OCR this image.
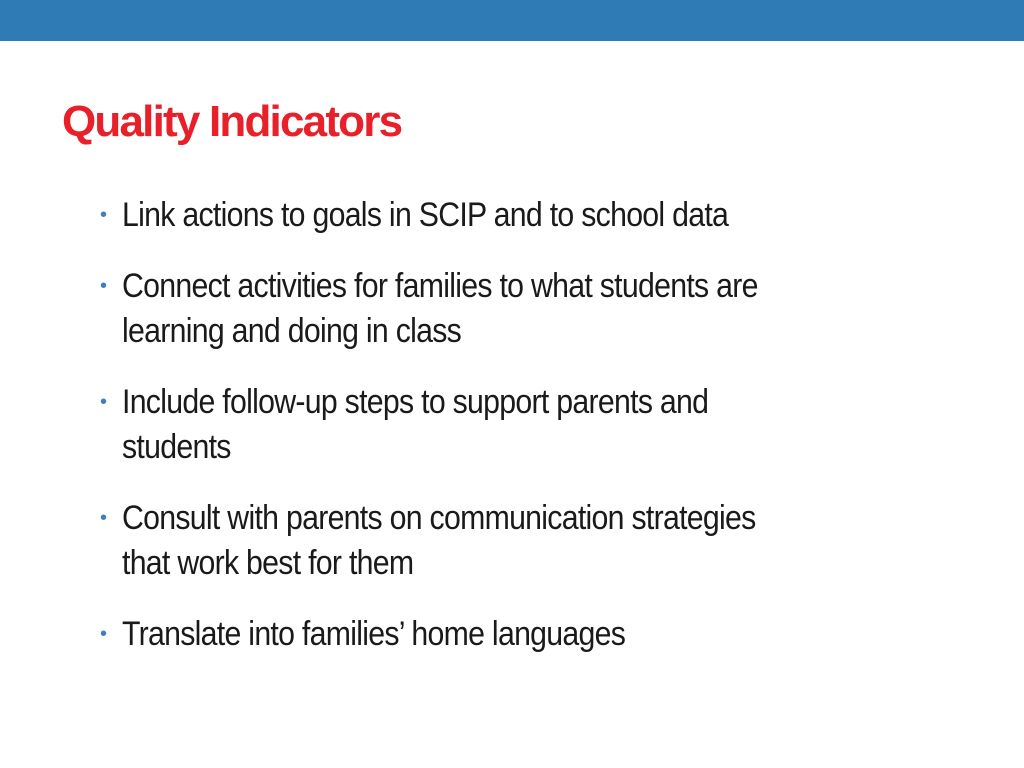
Quality Indicators
• Link actions to goals in SCIP and to school data
• Connect activities for families to what students are
learning and doing in class
• Include follow-up steps to support parents and
students
• Consult with parents on communication strategies
that work best for them
• Translate into families’ home languages
